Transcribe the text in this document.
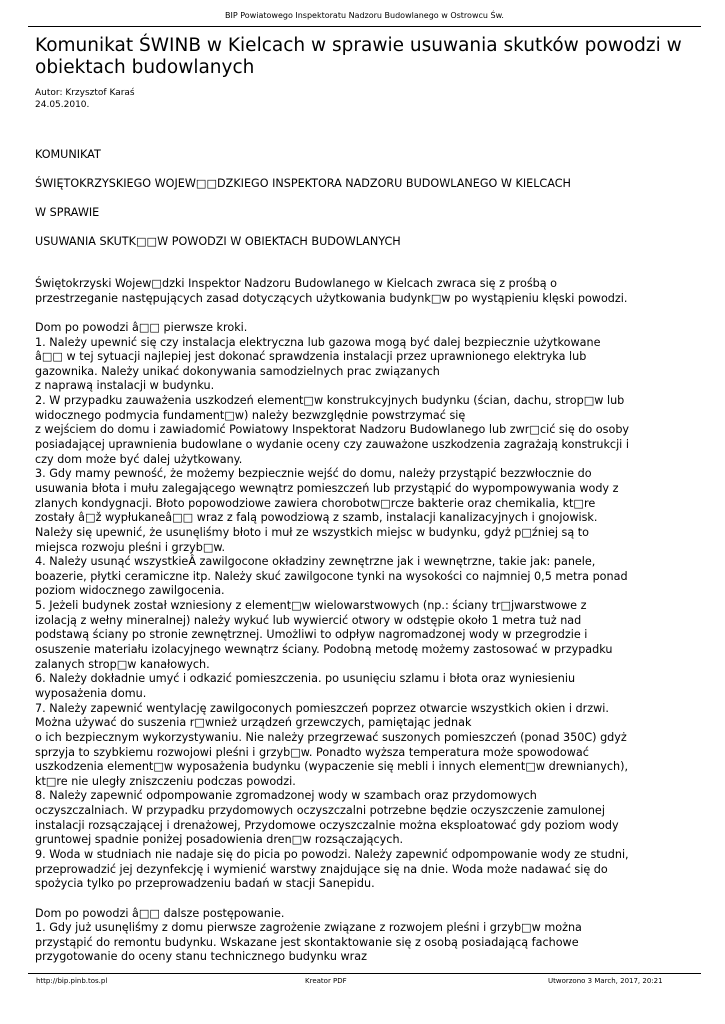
BIP Powiatowego Inspektoratu Nadzoru Budowlanego w Ostrowcu Św.
Komunikat ŚWINB w Kielcach w sprawie usuwania skutków powodzi w obiektach budowlanych
Autor: Krzysztof Karaś
24.05.2010.
KOMUNIKAT
ŚWIĘTOKRZYSKIEGO WOJEW□□DZKIEGO INSPEKTORA NADZORU BUDOWLANEGO W KIELCACH
W SPRAWIE
USUWANIA SKUTK□□W POWODZI W OBIEKTACH BUDOWLANYCH
Świętokrzyski Wojew□dzki Inspektor Nadzoru Budowlanego w Kielcach zwraca się z prośbą o
przestrzeganie następujących zasad dotyczących użytkowania budynk□w po wystąpieniu klęski powodzi.
Dom po powodzi â□□ pierwsze kroki.
1. Należy upewnić się czy instalacja elektryczna lub gazowa mogą być dalej bezpiecznie użytkowane
â□□ w tej sytuacji najlepiej jest dokonać sprawdzenia instalacji przez uprawnionego elektryka lub
gazownika. Należy unikać dokonywania samodzielnych prac związanych
z naprawą instalacji w budynku.
2. W przypadku zauważenia uszkodzeń element□w konstrukcyjnych budynku (ścian, dachu, strop□w lub
widocznego podmycia fundament□w) należy bezwzględnie powstrzymać się
z wejściem do domu i zawiadomić Powiatowy Inspektorat Nadzoru Budowlanego lub zwr□cić się do osoby
posiadającej uprawnienia budowlane o wydanie oceny czy zauważone uszkodzenia zagrażają konstrukcji i
czy dom może być dalej użytkowany.
3. Gdy mamy pewność, że możemy bezpiecznie wejść do domu, należy przystąpić bezzwłocznie do
usuwania błota i mułu zalegającego wewnątrz pomieszczeń lub przystąpić do wypompowywania wody z
zlanych kondygnacji. Błoto popowodziowe zawiera chorobotw□rcze bakterie oraz chemikalia, kt□re
zostały â□ž wypłukaneâ□□ wraz z falą powodziową z szamb, instalacji kanalizacyjnych i gnojowisk.
Należy się upewnić, że usunęliśmy błoto i muł ze wszystkich miejsc w budynku, gdyż p□źniej są to
miejsca rozwoju pleśni i grzyb□w.
4. Należy usunąć wszystkieÂ zawilgocone okładziny zewnętrzne jak i wewnętrzne, takie jak: panele,
boazerie, płytki ceramiczne itp. Należy skuć zawilgocone tynki na wysokości co najmniej 0,5 metra ponad
poziom widocznego zawilgocenia.
5. Jeżeli budynek został wzniesiony z element□w wielowarstwowych (np.: ściany tr□jwarstwowe z
izolacją z wełny mineralnej) należy wykuć lub wywiercić otwory w odstępie około 1 metra tuż nad
podstawą ściany po stronie zewnętrznej. Umożliwi to odpływ nagromadzonej wody w przegrodzie i
osuszenie materiału izolacyjnego wewnątrz ściany. Podobną metodę możemy zastosować w przypadku
zalanych strop□w kanałowych.
6. Należy dokładnie umyć i odkazić pomieszczenia. po usunięciu szlamu i błota oraz wyniesieniu
wyposażenia domu.
7. Należy zapewnić wentylację zawilgoconych pomieszczeń poprzez otwarcie wszystkich okien i drzwi.
Można używać do suszenia r□wnież urządzeń grzewczych, pamiętając jednak
o ich bezpiecznym wykorzystywaniu. Nie należy przegrzewać suszonych pomieszczeń (ponad 350C) gdyż
sprzyja to szybkiemu rozwojowi pleśni i grzyb□w. Ponadto wyższa temperatura może spowodować
uszkodzenia element□w wyposażenia budynku (wypaczenie się mebli i innych element□w drewnianych),
kt□re nie uległy zniszczeniu podczas powodzi.
8. Należy zapewnić odpompowanie zgromadzonej wody w szambach oraz przydomowych
oczyszczalniach. W przypadku przydomowych oczyszczalni potrzebne będzie oczyszczenie zamulonej
instalacji rozsączającej i drenażowej, Przydomowe oczyszczalnie można eksploatować gdy poziom wody
gruntowej spadnie poniżej posadowienia dren□w rozsączających.
9. Woda w studniach nie nadaje się do picia po powodzi. Należy zapewnić odpompowanie wody ze studni,
przeprowadzić jej dezynfekcję i wymienić warstwy znajdujące się na dnie. Woda może nadawać się do
spożycia tylko po przeprowadzeniu badań w stacji Sanepidu.
Dom po powodzi â□□ dalsze postępowanie.
1. Gdy już usunęliśmy z domu pierwsze zagrożenie związane z rozwojem pleśni i grzyb□w można
przystąpić do remontu budynku. Wskazane jest skontaktowanie się z osobą posiadającą fachowe
przygotowanie do oceny stanu technicznego budynku wraz
http://bip.pinb.tos.pl	Kreator PDF	Utworzono 3 March, 2017, 20:21
